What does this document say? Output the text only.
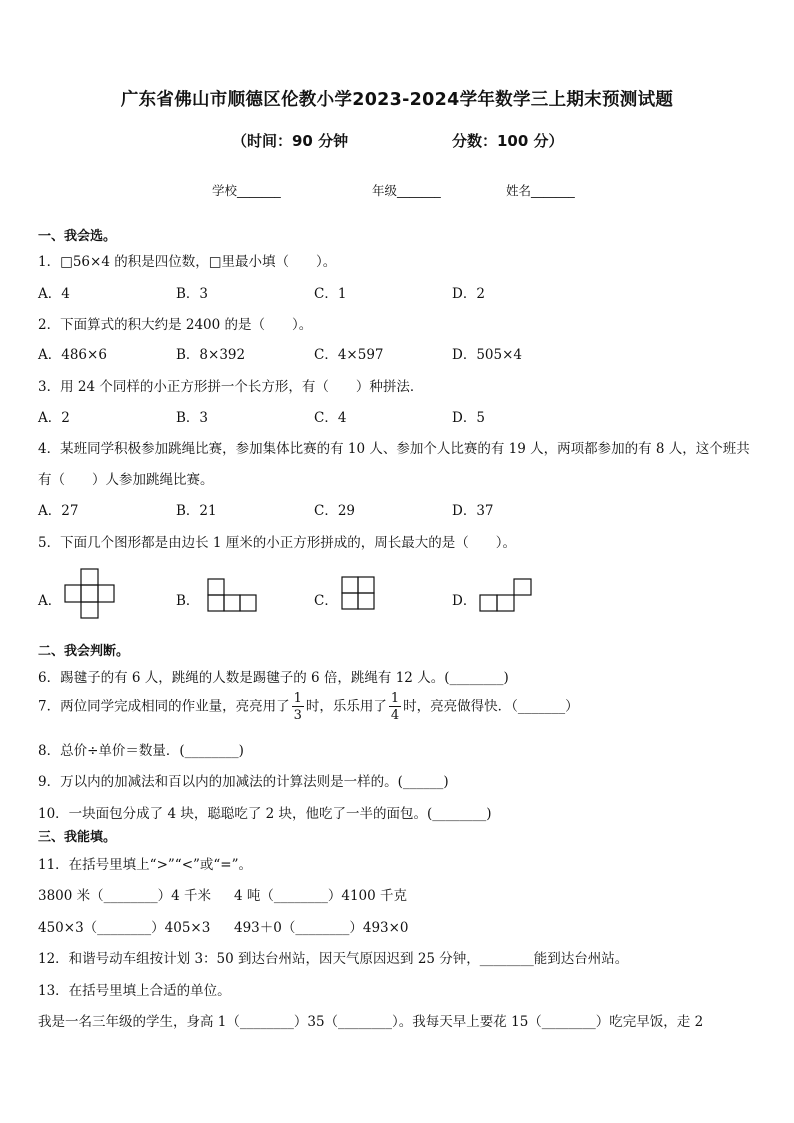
广东省佛山市顺德区伦教小学2023-2024学年数学三上期末预测试题
（时间：90 分钟	分数：100 分）
学校_______	年级_______	姓名_______
一、我会选。
1．□56×4 的积是四位数，□里最小填（　　）。
A．4	B．3	C．1	D．2
2．下面算式的积大约是 2400 的是（　　）。
A．486×6	B．8×392	C．4×597	D．505×4
3．用 24 个同样的小正方形拼一个长方形，有（　　）种拼法．
A．2	B．3	C．4	D．5
4．某班同学积极参加跳绳比赛，参加集体比赛的有 10 人、参加个人比赛的有 19 人，两项都参加的有 8 人，这个班共
有（　　）人参加跳绳比赛。
A．27	B．21	C．29	D．37
5．下面几个图形都是由边长 1 厘米的小正方形拼成的，周长最大的是（　　）。
A．	B．	C．	D．
二、我会判断。
6．踢毽子的有 6 人，跳绳的人数是踢毽子的 6 倍，跳绳有 12 人。(________)
7．两位同学完成相同的作业量，亮亮用了 $\frac{1}{3}$ 时，乐乐用了 $\frac{1}{4}$ 时，亮亮做得快．（_______）
8．总价÷单价＝数量．(________)
9．万以内的加减法和百以内的加减法的计算法则是一样的。(______)
10．一块面包分成了 4 块，聪聪吃了 2 块，他吃了一半的面包。(________)
三、我能填。
11．在括号里填上“>”“<”或“=”。
3800 米（________）4 千米 4 吨（________）4100 千克
450×3（________）405×3 493＋0（________）493×0
12．和谐号动车组按计划 3：50 到达台州站，因天气原因迟到 25 分钟，________能到达台州站。
13．在括号里填上合适的单位。
我是一名三年级的学生，身高 1（________）35（________）。我每天早上要花 15（________）吃完早饭，走 2
